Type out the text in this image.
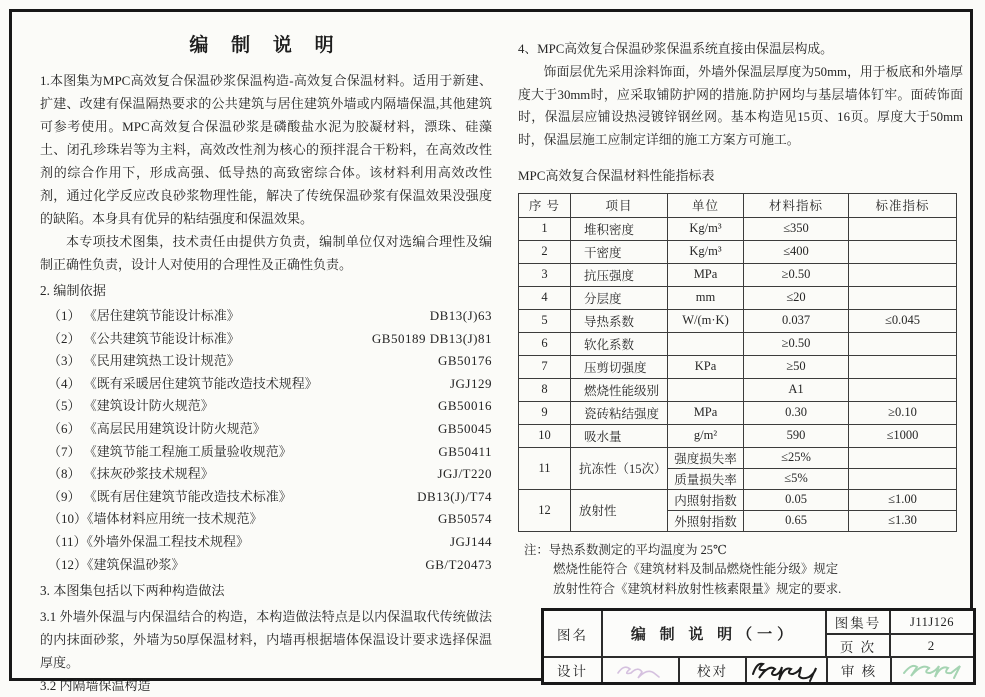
编 制 说 明

1.本图集为MPC高效复合保温砂浆保温构造-高效复合保温材料。适用于新建、扩建、改建有保温隔热要求的公共建筑与居住建筑外墙或内隔墙保温,其他建筑可参考使用。MPC高效复合保温砂浆是磷酸盐水泥为胶凝材料，漂珠、硅藻土、闭孔珍珠岩等为主料，高效改性剂为核心的预拌混合干粉料，在高效改性剂的综合作用下，形成高强、低导热的高致密综合体。该材料利用高效改性剂，通过化学反应改良砂浆物理性能，解决了传统保温砂浆有保温效果没强度的缺陷。本身具有优异的粘结强度和保温效果。

本专项技术图集，技术责任由提供方负责，编制单位仅对选编合理性及编制正确性负责，设计人对使用的合理性及正确性负责。

2. 编制依据
（1） 《居住建筑节能设计标准》	DB13(J)63
（2） 《公共建筑节能设计标准》	GB50189 DB13(J)81
（3） 《民用建筑热工设计规范》	GB50176
（4） 《既有采暖居住建筑节能改造技术规程》	JGJ129
（5） 《建筑设计防火规范》	GB50016
（6） 《高层民用建筑设计防火规范》	GB50045
（7） 《建筑节能工程施工质量验收规范》	GB50411
（8） 《抹灰砂浆技术规程》	JGJ/T220
（9） 《既有居住建筑节能改造技术标准》	DB13(J)/T74
（10）《墙体材料应用统一技术规范》	GB50574
（11）《外墙外保温工程技术规程》	JGJ144
（12）《建筑保温砂浆》	GB/T20473
3. 本图集包括以下两种构造做法

3.1 外墙外保温与内保温结合的构造，本构造做法特点是以内保温取代传统做法的内抹面砂浆，外墙为50厚保温材料，内墙再根据墙体保温设计要求选择保温厚度。

3.2 内隔墙保温构造

4、MPC高效复合保温砂浆保温系统直接由保温层构成。

饰面层优先采用涂料饰面，外墙外保温层厚度为50mm，用于板底和外墙厚度大于30mm时，应采取铺防护网的措施.防护网均与基层墙体钉牢。面砖饰面时，保温层应铺设热浸镀锌钢丝网。基本构造见15页、16页。厚度大于50mm时，保温层施工应制定详细的施工方案方可施工。

MPC高效复合保温材料性能指标表
序 号	项目	单位	材料指标	标准指标
1	堆积密度	Kg/m³	≤350	
2	干密度	Kg/m³	≤400	
3	抗压强度	MPa	≥0.50	
4	分层度	mm	≤20	
5	导热系数	W/(m·K)	0.037	≤0.045
6	软化系数		≥0.50	
7	压剪切强度	KPa	≥50	
8	燃烧性能级别		A1	
9	瓷砖粘结强度	MPa	0.30	≥0.10
10	吸水量	g/m²	590	≤1000
11	抗冻性（15次）	强度损失率	≤25%	
		质量损失率	≤5%	
12	放射性	内照射指数	0.05	≤1.00
		外照射指数	0.65	≤1.30
注：导热系数测定的平均温度为 25℃
燃烧性能符合《建筑材料及制品燃烧性能分级》规定
放射性符合《建筑材料放射性核素限量》规定的要求.
图名	编 制 说 明（一）
图集号	J11J126
页 次	2
设计	校对	审 核
